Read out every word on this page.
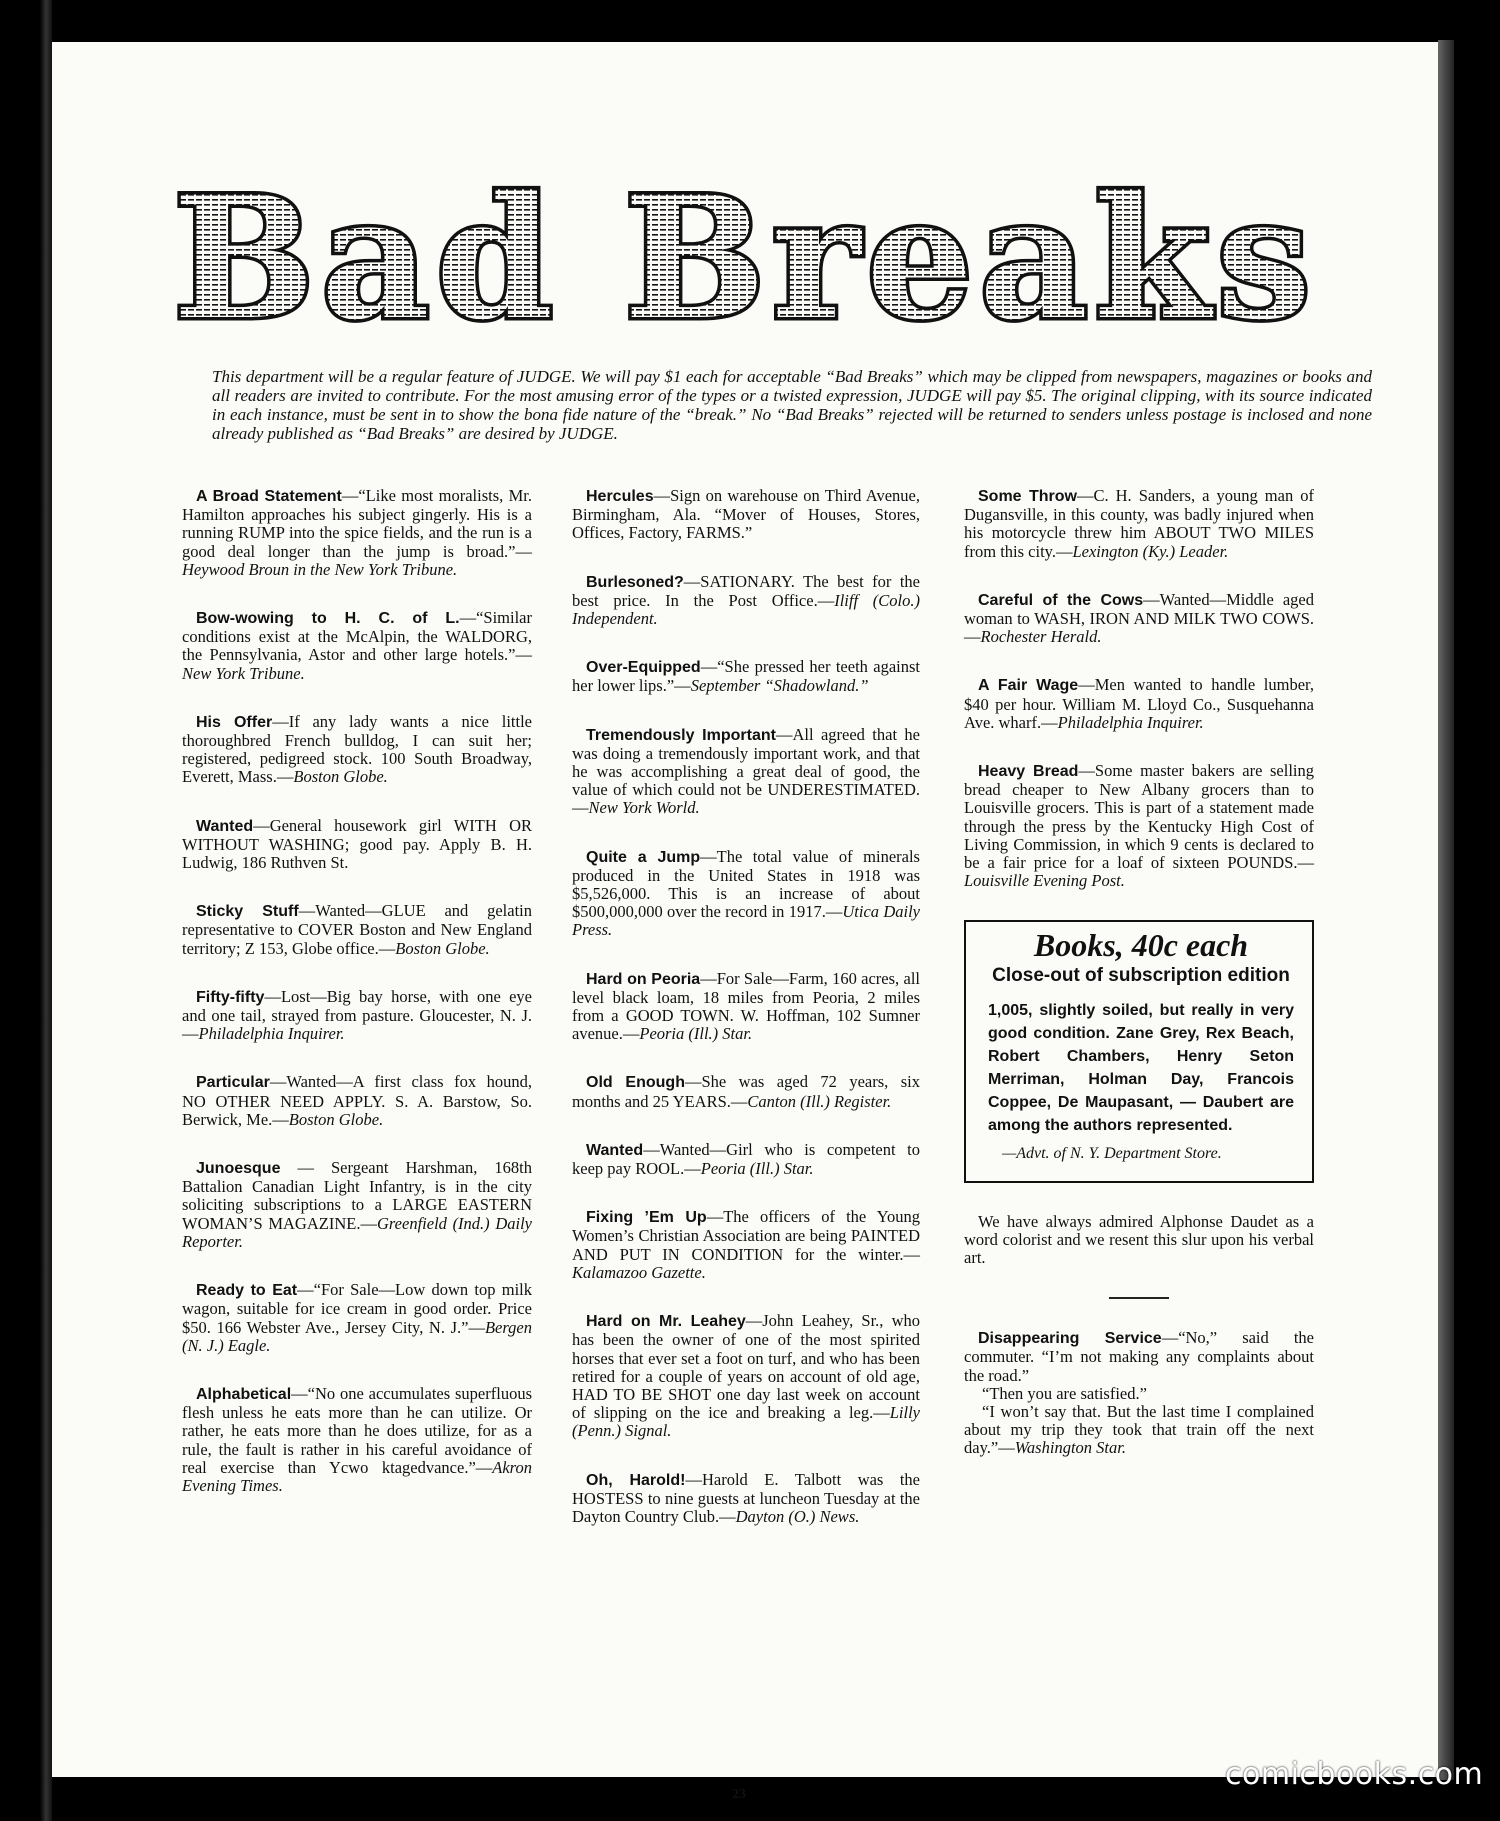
Bad Breaks
This department will be a regular feature of JUDGE. We will pay $1 each for acceptable “Bad Breaks” which may be clipped from newspapers, magazines or books and all readers are invited to contribute. For the most amusing error of the types or a twisted expression, JUDGE will pay $5. The original clipping, with its source indicated in each instance, must be sent in to show the bona fide nature of the “break.” No “Bad Breaks” rejected will be returned to senders unless postage is inclosed and none already published as “Bad Breaks” are desired by JUDGE.

A Broad Statement—“Like most moralists, Mr. Hamilton approaches his subject gingerly. His is a running RUMP into the spice fields, and the run is a good deal longer than the jump is broad.”—Heywood Broun in the New York Tribune.

Bow-wowing to H. C. of L.—“Similar conditions exist at the McAlpin, the WALDORG, the Pennsylvania, Astor and other large hotels.”—New York Tribune.

His Offer—If any lady wants a nice little thoroughbred French bulldog, I can suit her; registered, pedigreed stock. 100 South Broadway, Everett, Mass.—Boston Globe.

Wanted—General housework girl WITH OR WITHOUT WASHING; good pay. Apply B. H. Ludwig, 186 Ruthven St.

Sticky Stuff—Wanted—GLUE and gelatin representative to COVER Boston and New England territory; Z 153, Globe office.—Boston Globe.

Fifty-fifty—Lost—Big bay horse, with one eye and one tail, strayed from pasture. Gloucester, N. J.—Philadelphia Inquirer.

Particular—Wanted—A first class fox hound, NO OTHER NEED APPLY. S. A. Barstow, So. Berwick, Me.—Boston Globe.

Junoesque — Sergeant Harshman, 168th Battalion Canadian Light Infantry, is in the city soliciting subscriptions to a LARGE EASTERN WOMAN’S MAGAZINE.—Greenfield (Ind.) Daily Reporter.

Ready to Eat—“For Sale—Low down top milk wagon, suitable for ice cream in good order. Price $50. 166 Webster Ave., Jersey City, N. J.”—Bergen (N. J.) Eagle.

Alphabetical—“No one accumulates superfluous flesh unless he eats more than he can utilize. Or rather, he eats more than he does utilize, for as a rule, the fault is rather in his careful avoidance of real exercise than Ycwo ktagedvance.”—Akron Evening Times.

Hercules—Sign on warehouse on Third Avenue, Birmingham, Ala. “Mover of Houses, Stores, Offices, Factory, FARMS.”

Burlesoned?—SATIONARY. The best for the best price. In the Post Office.—Iliff (Colo.) Independent.

Over-Equipped—“She pressed her teeth against her lower lips.”—September “Shadowland.”

Tremendously Important—All agreed that he was doing a tremendously important work, and that he was accomplishing a great deal of good, the value of which could not be UNDERESTIMATED.—New York World.

Quite a Jump—The total value of minerals produced in the United States in 1918 was $5,526,000. This is an increase of about $500,000,000 over the record in 1917.—Utica Daily Press.

Hard on Peoria—For Sale—Farm, 160 acres, all level black loam, 18 miles from Peoria, 2 miles from a GOOD TOWN. W. Hoffman, 102 Sumner avenue.—Peoria (Ill.) Star.

Old Enough—She was aged 72 years, six months and 25 YEARS.—Canton (Ill.) Register.

Wanted—Wanted—Girl who is competent to keep pay ROOL.—Peoria (Ill.) Star.

Fixing ’Em Up—The officers of the Young Women’s Christian Association are being PAINTED AND PUT IN CONDITION for the winter.—Kalamazoo Gazette.

Hard on Mr. Leahey—John Leahey, Sr., who has been the owner of one of the most spirited horses that ever set a foot on turf, and who has been retired for a couple of years on account of old age, HAD TO BE SHOT one day last week on account of slipping on the ice and breaking a leg.—Lilly (Penn.) Signal.

Oh, Harold!—Harold E. Talbott was the HOSTESS to nine guests at luncheon Tuesday at the Dayton Country Club.—Dayton (O.) News.

Some Throw—C. H. Sanders, a young man of Dugansville, in this county, was badly injured when his motorcycle threw him ABOUT TWO MILES from this city.—Lexington (Ky.) Leader.

Careful of the Cows—Wanted—Middle aged woman to WASH, IRON AND MILK TWO COWS.—Rochester Herald.

A Fair Wage—Men wanted to handle lumber, $40 per hour. William M. Lloyd Co., Susquehanna Ave. wharf.—Philadelphia Inquirer.

Heavy Bread—Some master bakers are selling bread cheaper to New Albany grocers than to Louisville grocers. This is part of a statement made through the press by the Kentucky High Cost of Living Commission, in which 9 cents is declared to be a fair price for a loaf of sixteen POUNDS.—Louisville Evening Post.

Books, 40c each
Close-out of subscription edition

1,005, slightly soiled, but really in very good condition. Zane Grey, Rex Beach, Robert Chambers, Henry Seton Merriman, Holman Day, Francois Coppee, De Maupasant, — Daubert are among the authors represented.

—Advt. of N. Y. Department Store.

We have always admired Alphonse Daudet as a word colorist and we resent this slur upon his verbal art.

Disappearing Service—“No,” said the commuter. “I’m not making any complaints about the road.”

“Then you are satisfied.”

“I won’t say that. But the last time I complained about my trip they took that train off the next day.”—Washington Star.

23
comicbooks.com
